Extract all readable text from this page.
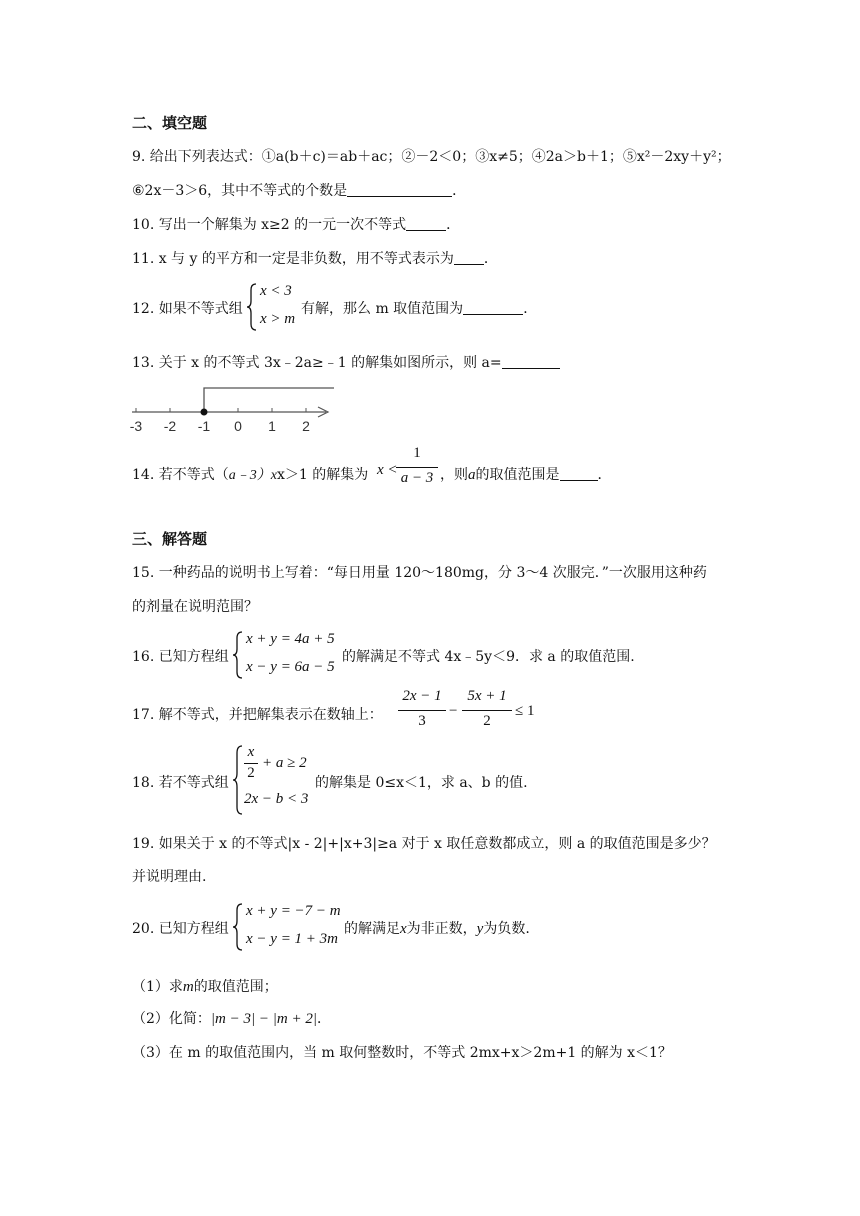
二、填空题
9. 给出下列表达式：①a(b＋c)＝ab＋ac；②－2＜0；③x≠5；④2a＞b＋1；⑤x²－2xy＋y²；
⑥2x－3＞6，其中不等式的个数是	．
10. 写出一个解集为 x≥2 的一元一次不等式	．
11. x 与 y 的平方和一定是非负数，用不等式表示为 ．
12. 如果不等式组
x < 3
x > m
有解，那么 m 取值范围为	．
13. 关于 x 的不等式 3x﹣2a≥﹣1 的解集如图所示，则 a=
-3 -2 -1 0 1 2
14. 若不等式（a﹣3）xx＞1 的解集为 x <
1
a − 3 ，则a的取值范围是	．
三、解答题
15. 一种药品的说明书上写着：“每日用量 120～180mg，分 3～4 次服完．”一次服用这种药
的剂量在说明范围？
16. 已知方程组
x + y = 4a + 5
x − y = 6a − 5
的解满足不等式 4x﹣5y＜9．求 a 的取值范围.
17. 解不等式，并把解集表示在数轴上：
2x − 1
3
−
5x + 1
2
≤ 1
18. 若不等式组
x
2
+ a ≥ 2
2x − b < 3
的解集是 0≤x＜1，求 a、b 的值.
19. 如果关于 x 的不等式|x - 2|+|x+3|≥a 对于 x 取任意数都成立，则 a 的取值范围是多少？
并说明理由.
20. 已知方程组
x + y = −7 − m
x − y = 1 + 3m
的解满足x为非正数，y为负数.
（1）求m的取值范围；
（2）化简：|m − 3| − |m + 2|．
（3）在 m 的取值范围内，当 m 取何整数时，不等式 2mx+x＞2m+1 的解为 x＜1？
